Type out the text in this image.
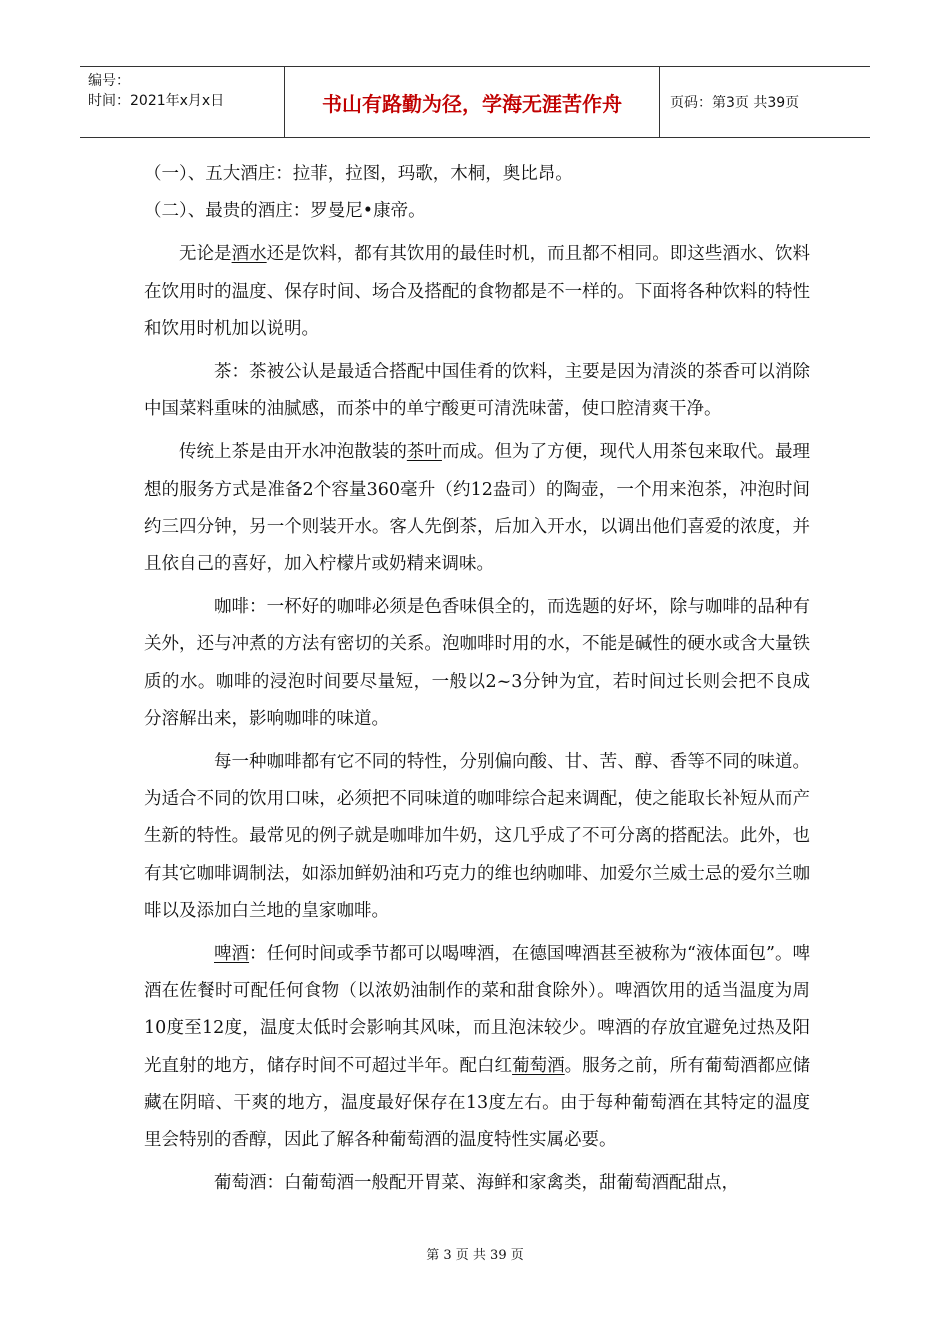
编号：
时间：2021年x月x日	书山有路勤为径，学海无涯苦作舟	页码：第3页 共39页

（一）、五大酒庄：拉菲，拉图，玛歌，木桐，奥比昂。

（二）、最贵的酒庄：罗曼尼•康帝。

无论是酒水还是饮料，都有其饮用的最佳时机，而且都不相同。即这些酒水、饮料在饮用时的温度、保存时间、场合及搭配的食物都是不一样的。下面将各种饮料的特性和饮用时机加以说明。

茶：茶被公认是最适合搭配中国佳肴的饮料，主要是因为清淡的茶香可以消除中国菜料重味的油腻感，而茶中的单宁酸更可清洗味蕾，使口腔清爽干净。

传统上茶是由开水冲泡散装的茶叶而成。但为了方便，现代人用茶包来取代。最理想的服务方式是准备2个容量360毫升（约12盎司）的陶壶，一个用来泡茶，冲泡时间约三四分钟，另一个则装开水。客人先倒茶，后加入开水，以调出他们喜爱的浓度，并且依自己的喜好，加入柠檬片或奶精来调味。

咖啡：一杯好的咖啡必须是色香味俱全的，而选题的好坏，除与咖啡的品种有关外，还与冲煮的方法有密切的关系。泡咖啡时用的水，不能是碱性的硬水或含大量铁质的水。咖啡的浸泡时间要尽量短，一般以2~3分钟为宜，若时间过长则会把不良成分溶解出来，影响咖啡的味道。

每一种咖啡都有它不同的特性，分别偏向酸、甘、苦、醇、香等不同的味道。为适合不同的饮用口味，必须把不同味道的咖啡综合起来调配，使之能取长补短从而产生新的特性。最常见的例子就是咖啡加牛奶，这几乎成了不可分离的搭配法。此外，也有其它咖啡调制法，如添加鲜奶油和巧克力的维也纳咖啡、加爱尔兰威士忌的爱尔兰咖啡以及添加白兰地的皇家咖啡。

啤酒：任何时间或季节都可以喝啤酒，在德国啤酒甚至被称为“液体面包”。啤酒在佐餐时可配任何食物（以浓奶油制作的菜和甜食除外）。啤酒饮用的适当温度为周10度至12度，温度太低时会影响其风味，而且泡沫较少。啤酒的存放宜避免过热及阳光直射的地方，储存时间不可超过半年。配白红葡萄酒。服务之前，所有葡萄酒都应储藏在阴暗、干爽的地方，温度最好保存在13度左右。由于每种葡萄酒在其特定的温度里会特别的香醇，因此了解各种葡萄酒的温度特性实属必要。

葡萄酒：白葡萄酒一般配开胃菜、海鲜和家禽类，甜葡萄酒配甜点，

第 3 页 共 39 页
